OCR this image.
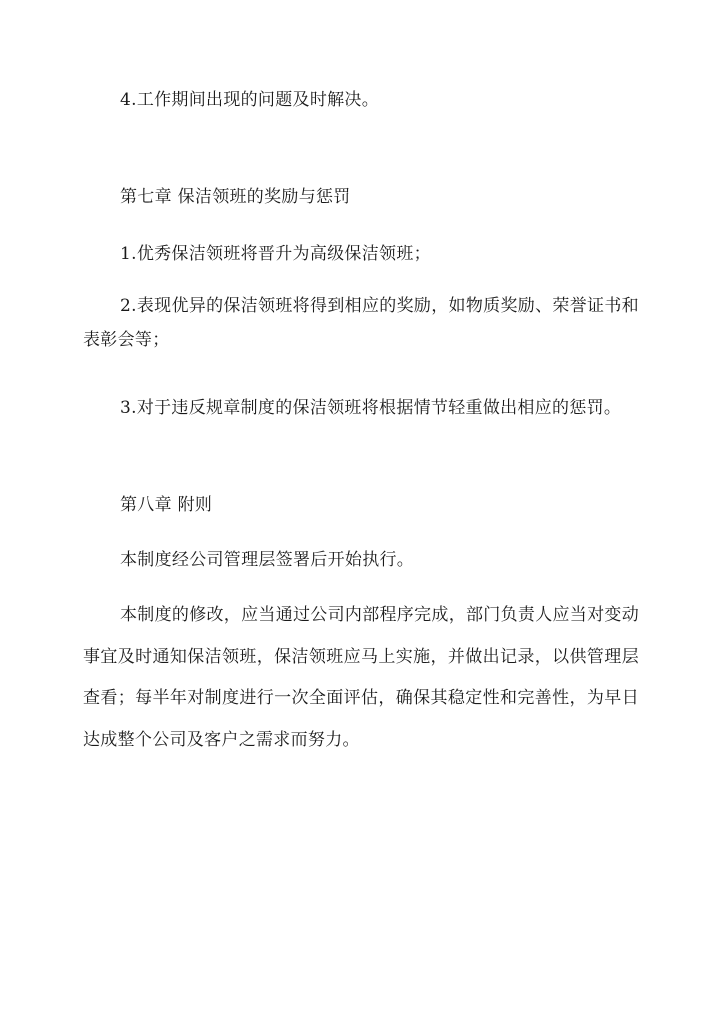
4.工作期间出现的问题及时解决。

第七章 保洁领班的奖励与惩罚

1.优秀保洁领班将晋升为高级保洁领班；

2.表现优异的保洁领班将得到相应的奖励，如物质奖励、荣誉证书和表彰会等；

3.对于违反规章制度的保洁领班将根据情节轻重做出相应的惩罚。

第八章 附则

本制度经公司管理层签署后开始执行。

本制度的修改，应当通过公司内部程序完成，部门负责人应当对变动事宜及时通知保洁领班，保洁领班应马上实施，并做出记录，以供管理层查看；每半年对制度进行一次全面评估，确保其稳定性和完善性，为早日达成整个公司及客户之需求而努力。
